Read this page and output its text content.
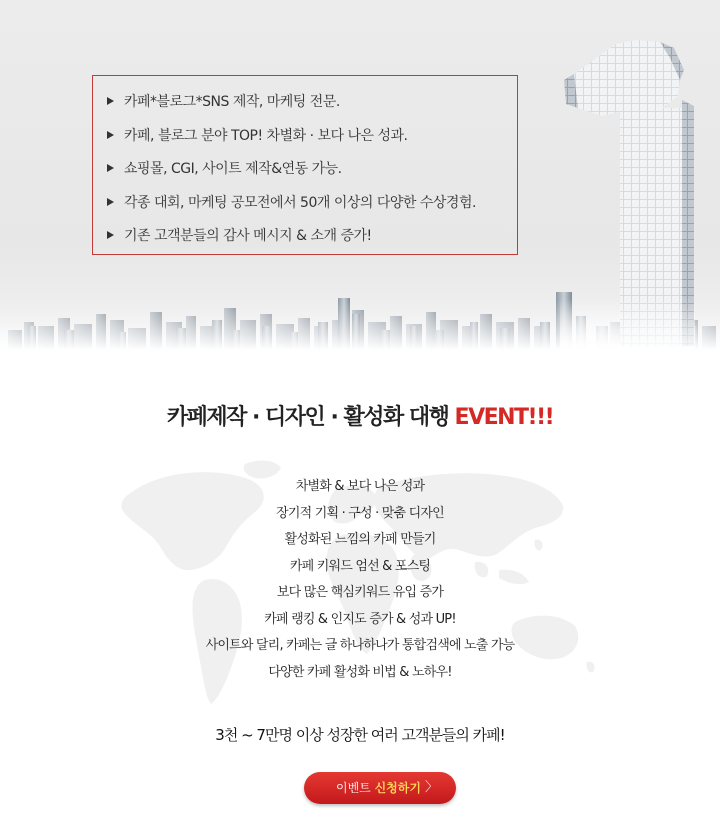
카페*블로그*SNS 제작, 마케팅 전문.
카페, 블로그 분야 TOP! 차별화 · 보다 나은 성과.
쇼핑몰, CGI, 사이트 제작&연동 가능.
각종 대회, 마케팅 공모전에서 50개 이상의 다양한 수상경험.
기존 고객분들의 감사 메시지 & 소개 증가!
카페제작 · 디자인 · 활성화 대행 EVENT!!!
차별화 & 보다 나은 성과
장기적 기획 · 구성 · 맞춤 디자인
활성화된 느낌의 카페 만들기
카페 키워드 엄선 & 포스팅
보다 많은 핵심키워드 유입 증가
카페 랭킹 & 인지도 증가 & 성과 UP!
사이트와 달리, 카페는 글 하나하나가 통합검색에 노출 가능
다양한 카페 활성화 비법 & 노하우!
3천 ~ 7만명 이상 성장한 여러 고객분들의 카페!
이벤트 신청하기 〉
